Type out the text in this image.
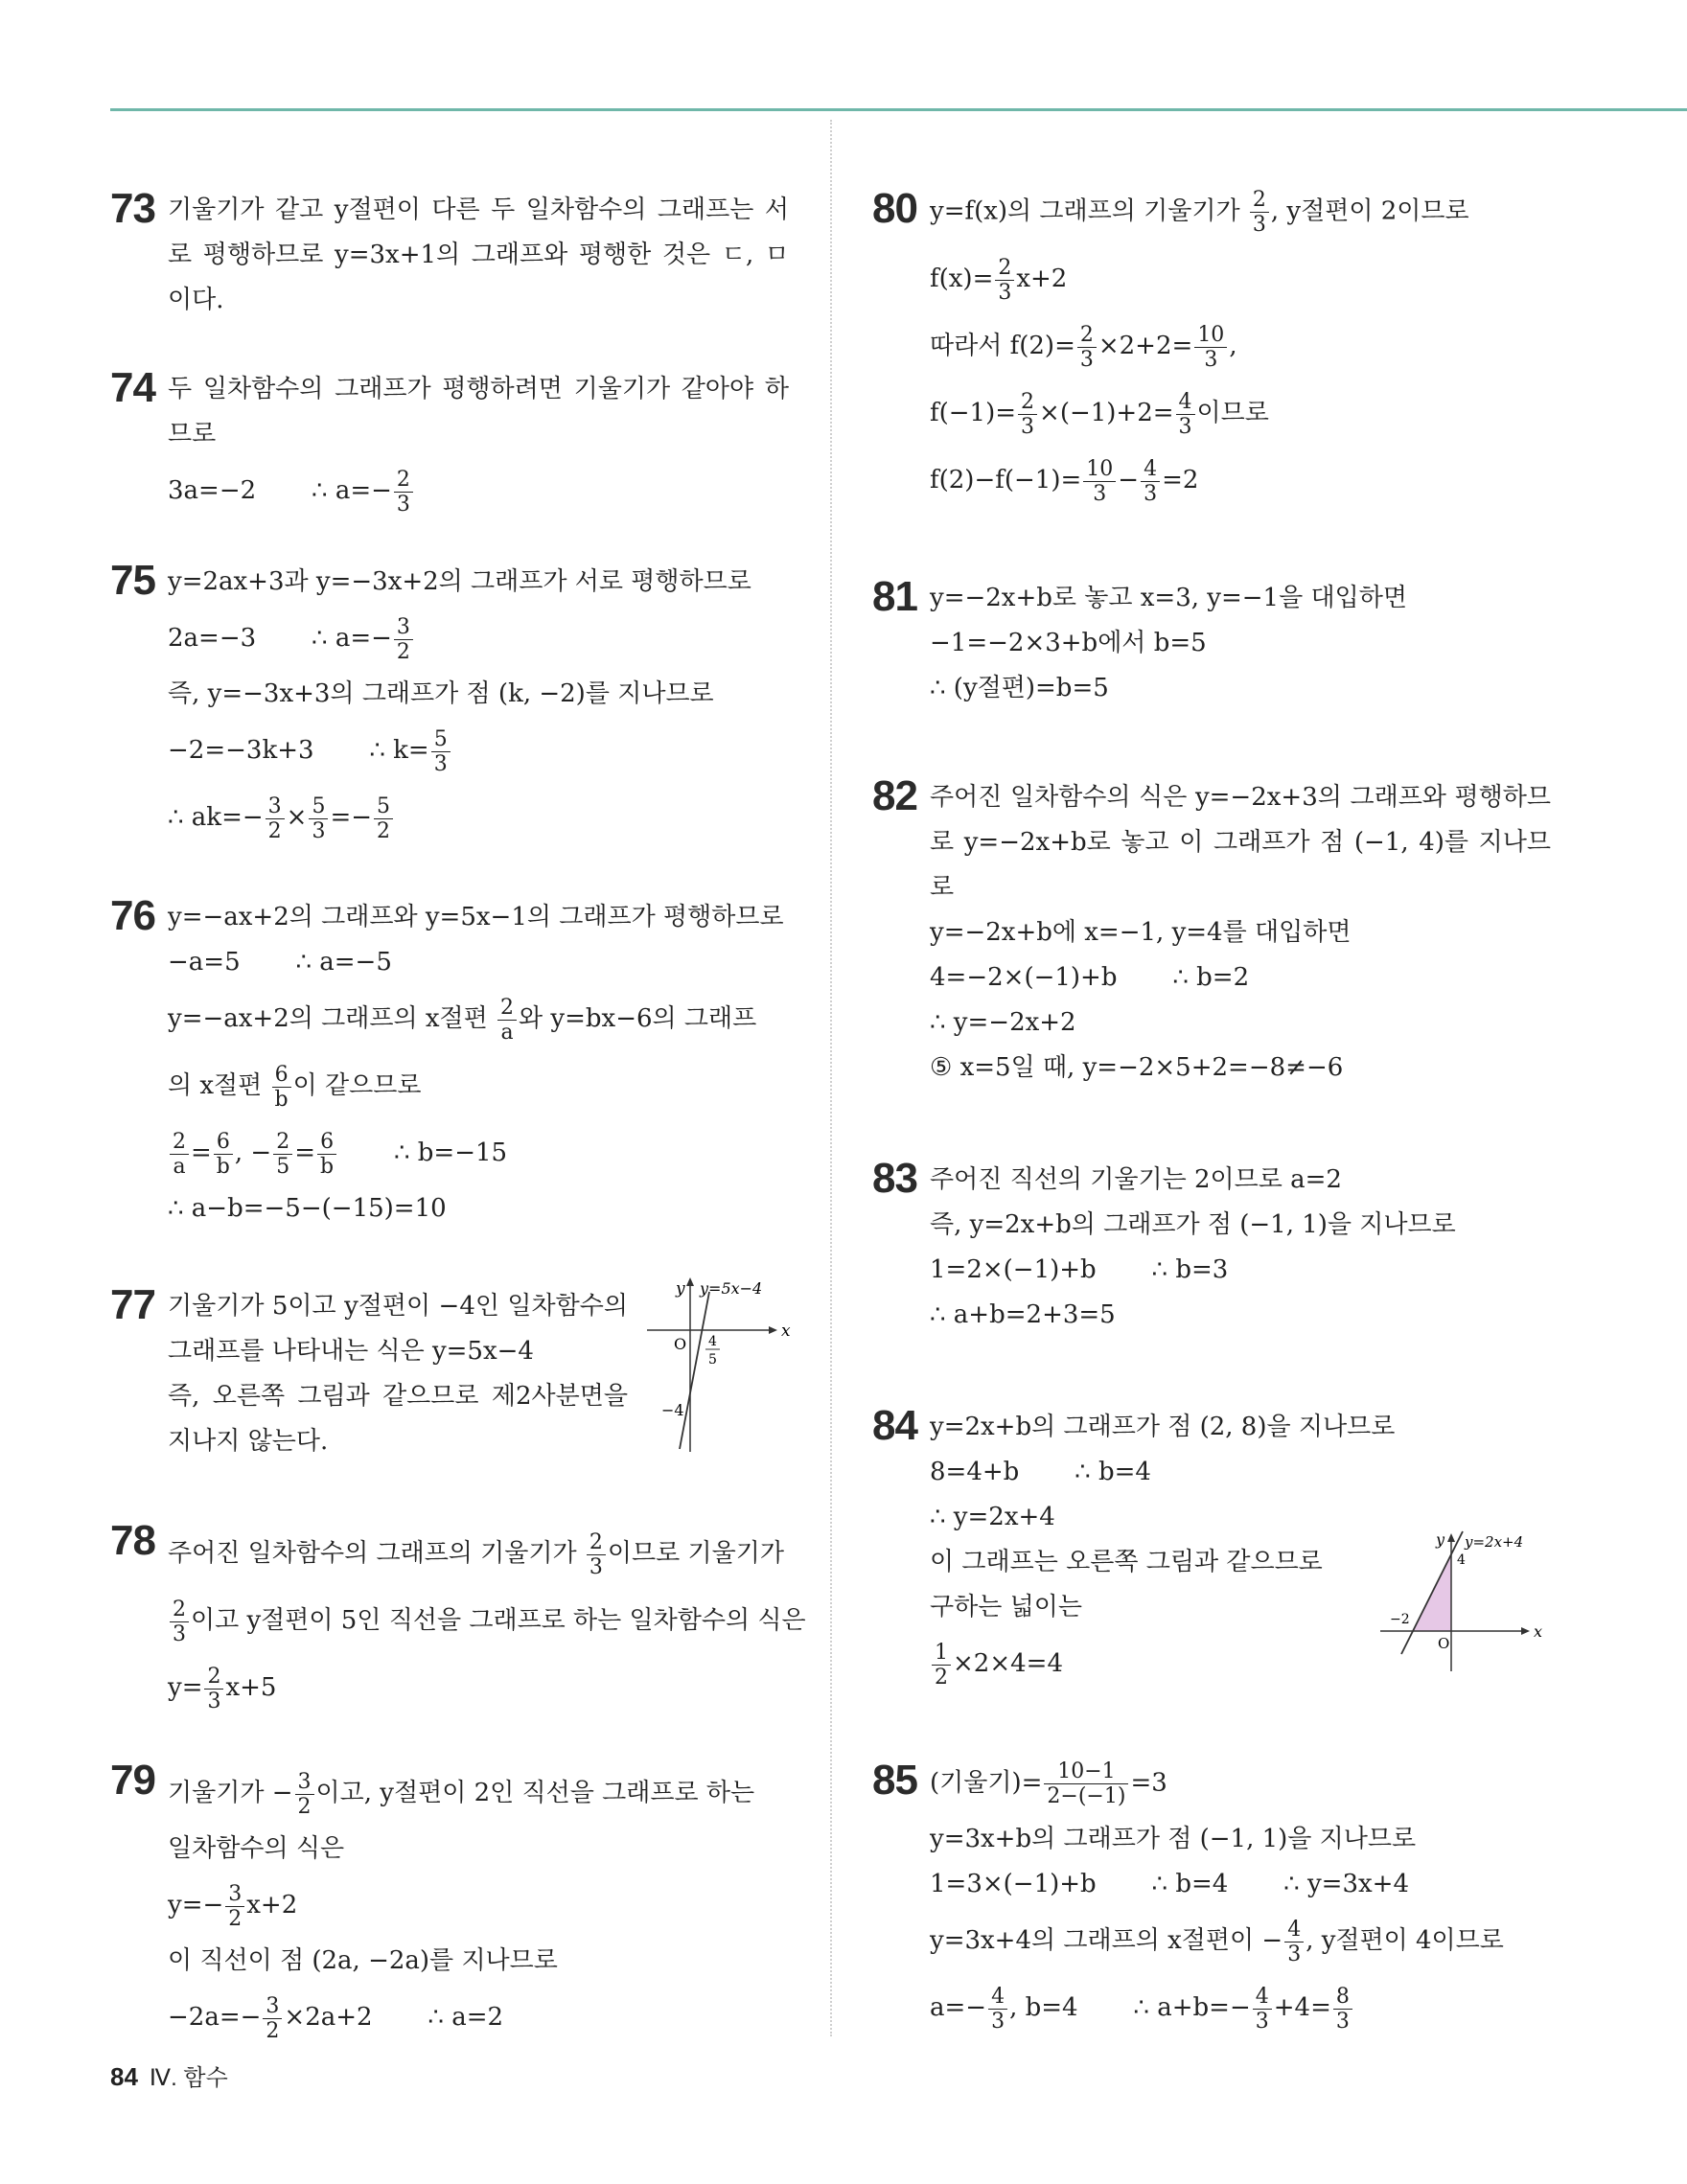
73 기울기가 같고 y절편이 다른 두 일차함수의 그래프는 서로 평행하므로 y=3x+1의 그래프와 평행한 것은 ㄷ, ㅁ이다.
74 두 일차함수의 그래프가 평행하려면 기울기가 같아야 하므로
3a=−2       ∴ $a=- \frac{2}{3}$
75 y=2ax+3과 y=−3x+2의 그래프가 서로 평행하므로
2a=−3       ∴ $a=- \frac{3}{2}$
즉, y=−3x+3의 그래프가 점 (k, −2)를 지나므로
−2=−3k+3       ∴ $k= \frac{5}{3}$
∴ $ak=- \frac{3}{2} \times \frac{5}{3} =- \frac{5}{2}$
76 y=−ax+2의 그래프와 y=5x−1의 그래프가 평행하므로
−a=5       ∴ a=−5
y=−ax+2의 그래프의 x절편 $\frac{2}{a}$ 와 y=bx−6의 그래프
의 x절편 $\frac{6}{b}$ 이 같으므로
$\frac{2}{a} = \frac{6}{b}$ , − $\frac{2}{5} = \frac{6}{b}$ ∴ b=−15
∴ a−b=−5−(−15)=10
77 기울기가 5이고 y절편이 −4인 일차함수의 그래프를 나타내는 식은 y=5x−4
즉, 오른쪽 그림과 같으므로 제2사분면을 지나지 않는다.
y y=5x−4
x
O 4
5
−4
78 주어진 일차함수의 그래프의 기울기가 $\frac{2}{3}$ 이므로 기울기가
$\frac{2}{3}$ 이고 y절편이 5인 직선을 그래프로 하는 일차함수의 식은
$y= \frac{2}{3} x+5$
79 기울기가 − $\frac{3}{2}$ 이고, y절편이 2인 직선을 그래프로 하는
일차함수의 식은
$y=- \frac{3}{2} x+2$
이 직선이 점 (2a, −2a)를 지나므로
$-2a=- \frac{3}{2} \times 2a+2$       ∴ a=2
80 y=f(x)의 그래프의 기울기가 $\frac{2}{3}$ , y절편이 2이므로
$f(x)= \frac{2}{3} x+2$
따라서 $f(2)= \frac{2}{3} \times 2+2= \frac{10}{3}$ ,
$f(-1)= \frac{2}{3} \times(-1)+2= \frac{4}{3}$ 이므로
$f(2)-f(-1)= \frac{10}{3} - \frac{4}{3} =2$
81 y=−2x+b로 놓고 x=3, y=−1을 대입하면
−1=−2×3+b에서 b=5
∴ (y절편)=b=5
82 주어진 일차함수의 식은 y=−2x+3의 그래프와 평행하므로 y=−2x+b로 놓고 이 그래프가 점 (−1, 4)를 지나므로
y=−2x+b에 x=−1, y=4를 대입하면
4=−2×(−1)+b       ∴ b=2
∴ y=−2x+2
⑤ x=5일 때, y=−2×5+2=−8≠−6
83 주어진 직선의 기울기는 2이므로 a=2
즉, y=2x+b의 그래프가 점 (−1, 1)을 지나므로
1=2×(−1)+b       ∴ b=3
∴ a+b=2+3=5
84 y=2x+b의 그래프가 점 (2, 8)을 지나므로
8=4+b       ∴ b=4
∴ y=2x+4
이 그래프는 오른쪽 그림과 같으므로
구하는 넓이는
$\frac{1}{2} \times 2\times 4=4$
y y=2x+4
x
O
4
−2
85 (기울기)= $\frac{10-1}{2-(-1)} =3$
y=3x+b의 그래프가 점 (−1, 1)을 지나므로
1=3×(−1)+b       ∴ b=4       ∴ y=3x+4
y=3x+4의 그래프의 x절편이 − $\frac{4}{3}$ , y절편이 4이므로
$a=- \frac{4}{3}$ , b=4       ∴ $a+b=- \frac{4}{3} +4= \frac{8}{3}$
84 Ⅳ. 함수
